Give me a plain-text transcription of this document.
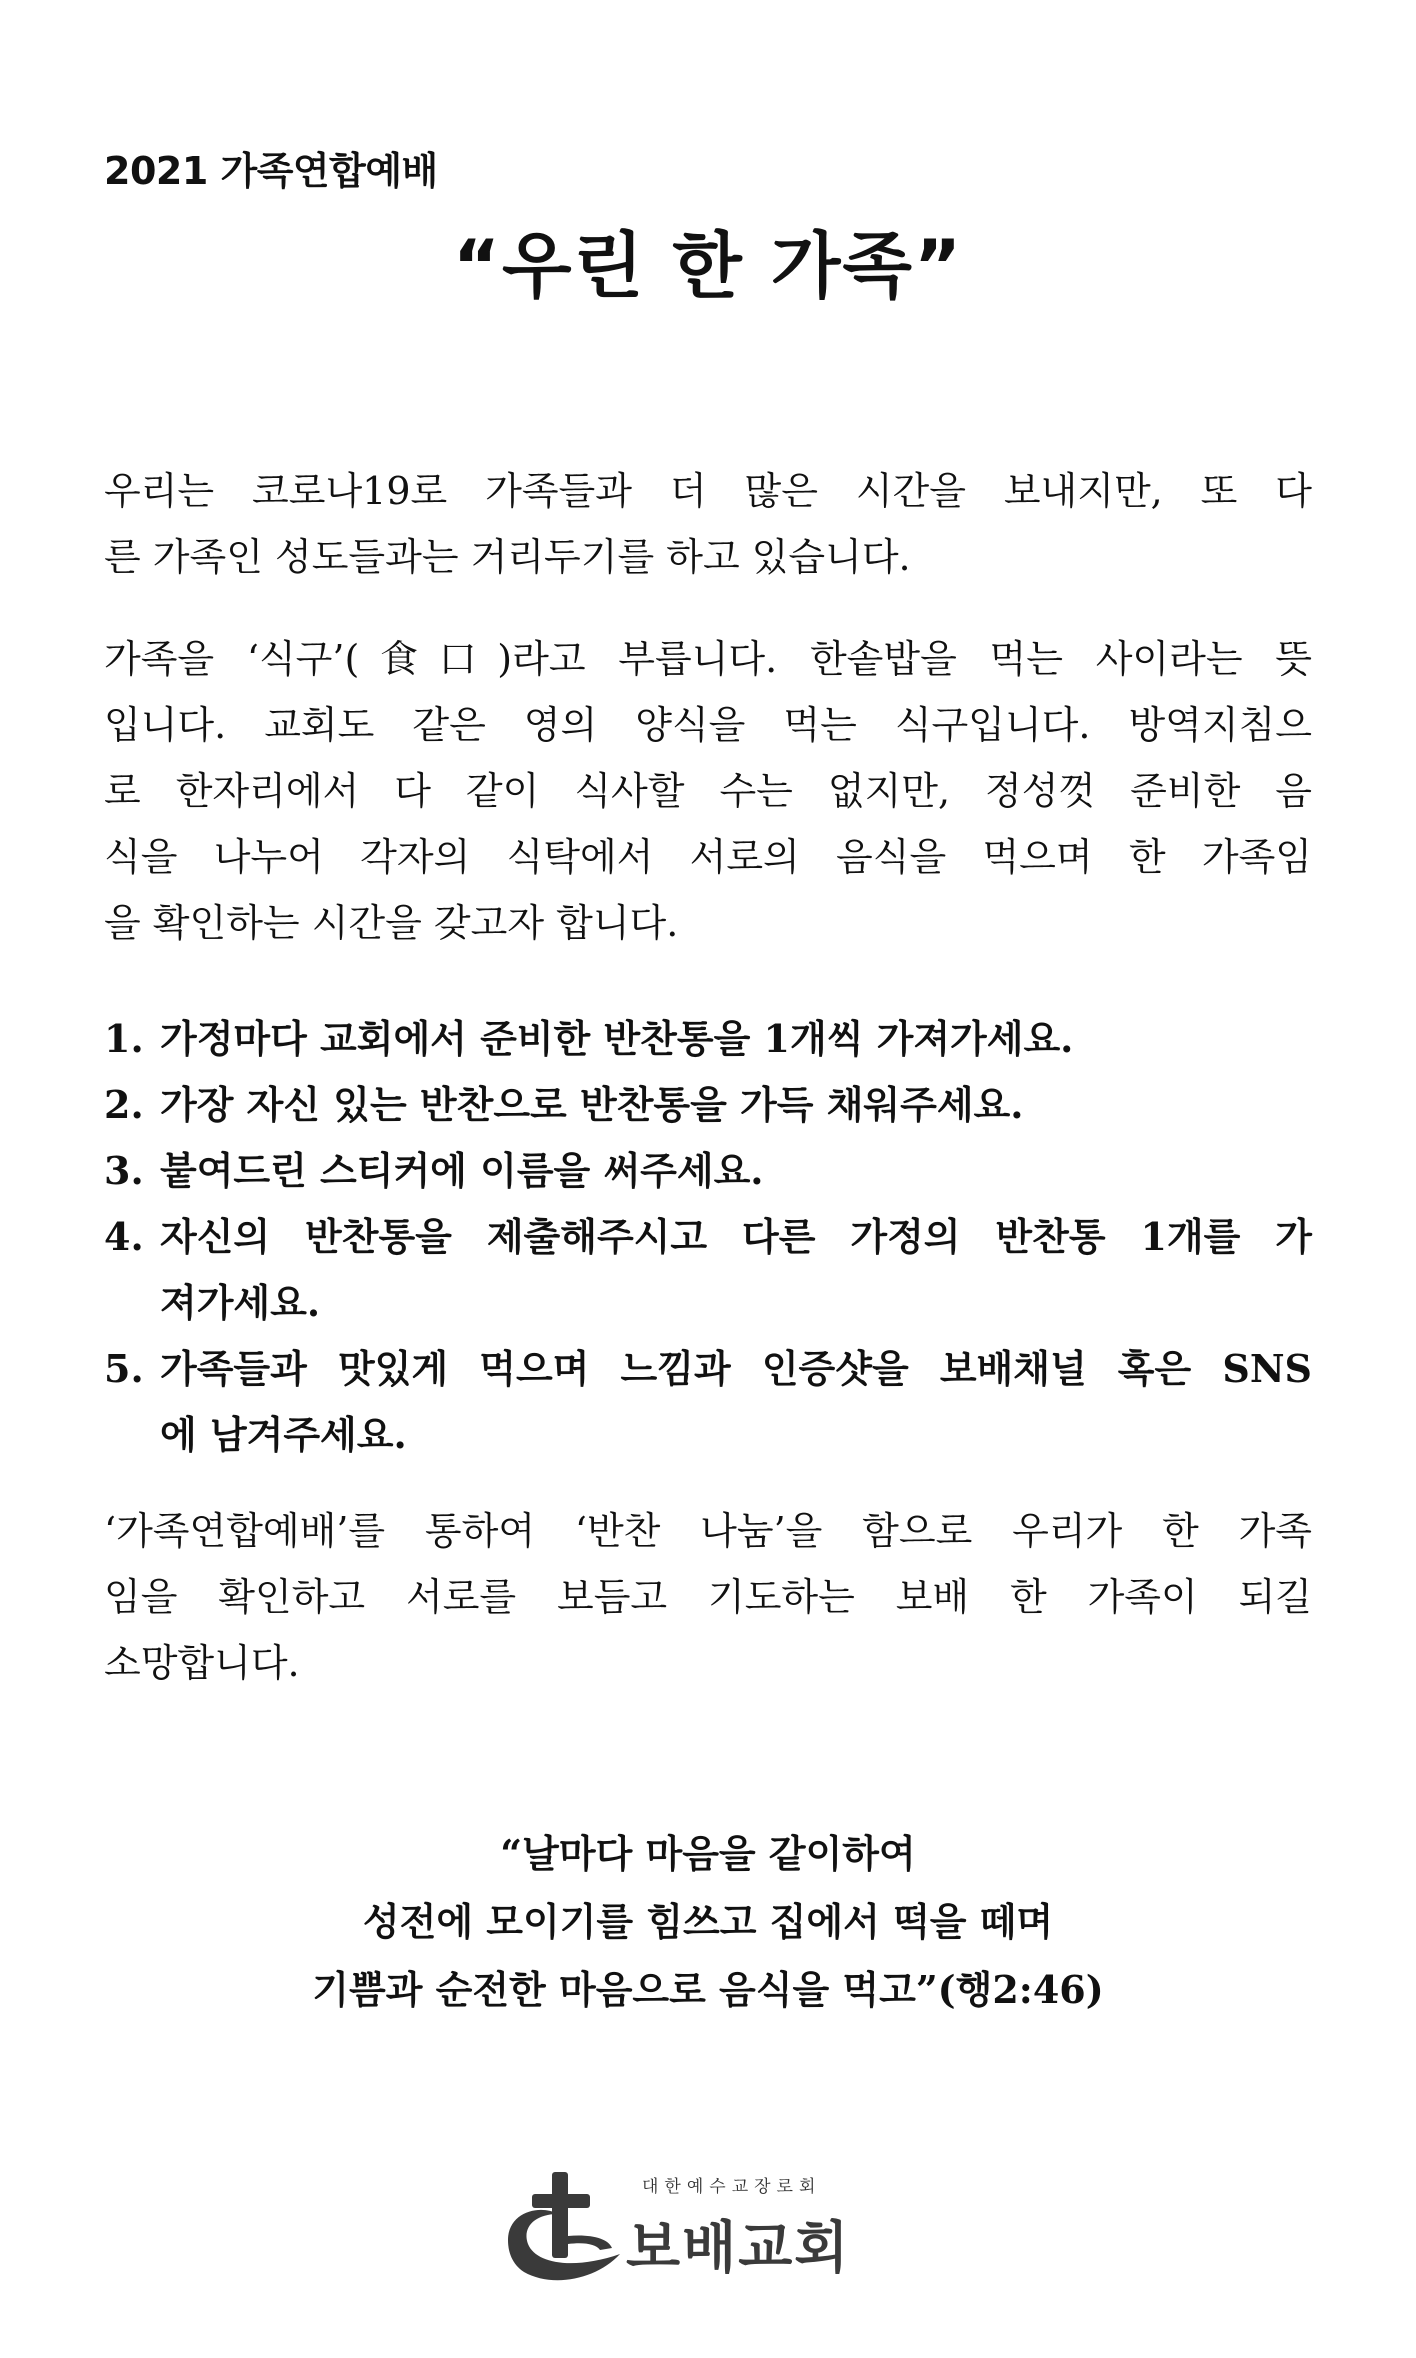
2021 가족연합예배
“우린 한 가족”
우리는 코로나19로 가족들과 더 많은 시간을 보내지만, 또 다
른 가족인 성도들과는 거리두기를 하고 있습니다.
가족을 ‘식구’(食口)라고 부릅니다. 한솥밥을 먹는 사이라는 뜻
입니다. 교회도 같은 영의 양식을 먹는 식구입니다. 방역지침으
로 한자리에서 다 같이 식사할 수는 없지만, 정성껏 준비한 음
식을 나누어 각자의 식탁에서 서로의 음식을 먹으며 한 가족임
을 확인하는 시간을 갖고자 합니다.
1. 가정마다 교회에서 준비한 반찬통을 1개씩 가져가세요.
2. 가장 자신 있는 반찬으로 반찬통을 가득 채워주세요.
3. 붙여드린 스티커에 이름을 써주세요.
4. 자신의 반찬통을 제출해주시고 다른 가정의 반찬통 1개를 가
져가세요.
5. 가족들과 맛있게 먹으며 느낌과 인증샷을 보배채널 혹은 SNS
에 남겨주세요.
‘가족연합예배’를 통하여 ‘반찬 나눔’을 함으로 우리가 한 가족
임을 확인하고 서로를 보듬고 기도하는 보배 한 가족이 되길
소망합니다.
“날마다 마음을 같이하여
성전에 모이기를 힘쓰고 집에서 떡을 떼며
기쁨과 순전한 마음으로 음식을 먹고”(행2:46)
대한예수교장로회
보배교회
